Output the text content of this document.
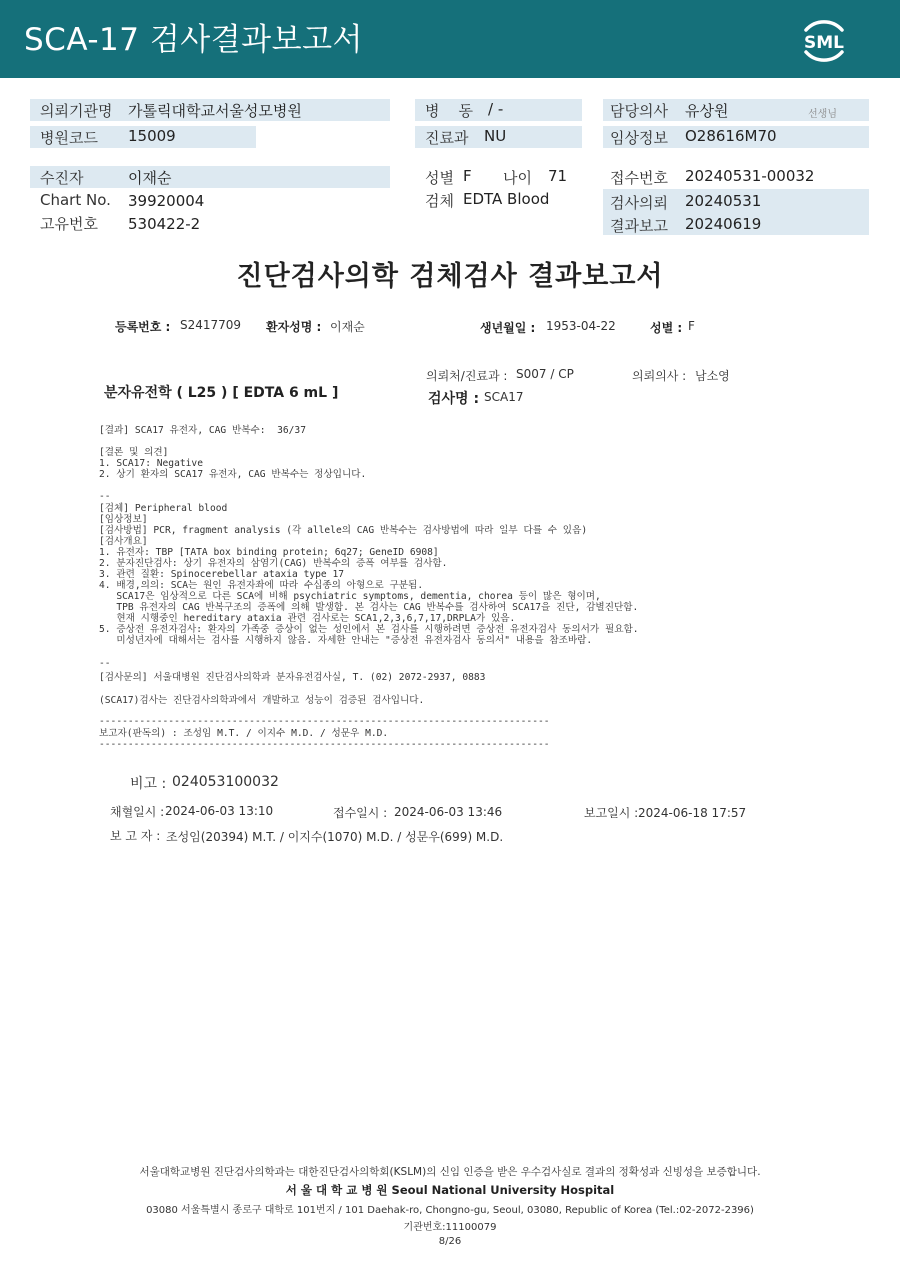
SCA-17 검사결과보고서	SML
의뢰기관명 가톨릭대학교서울성모병원
병원코드 15009
수진자	이재순
Chart No. 39920004
고유번호 530422-2
병    동 / -
진료과 NU
성별 F 나이 71
검체 EDTA Blood
담당의사 유상원	선생님
임상정보 O28616M70
접수번호 20240531-00032
검사의뢰 20240531
결과보고 20240619
진단검사의학 검체검사 결과보고서
등록번호 : S2417709 환자성명 : 이재순	생년월일 : 1953-04-22	성별 : F
의뢰처/진료과 : S007 / CP	의뢰의사 : 남소영
분자유전학 ( L25 ) [ EDTA 6 mL ]	검사명 : SCA17
[결과] SCA17 유전자, CAG 반복수:  36/37
[결론 및 의견]
1. SCA17: Negative
2. 상기 환자의 SCA17 유전자, CAG 반복수는 정상입니다.
--
[검체] Peripheral blood
[임상정보]
[검사방법] PCR, fragment analysis (각 allele의 CAG 반복수는 검사방법에 따라 일부 다를 수 있음)
[검사개요]
1. 유전자: TBP [TATA box binding protein; 6q27; GeneID 6908]
2. 분자진단검사: 상기 유전자의 삼염기(CAG) 반복수의 증폭 여부를 검사함.
3. 관련 질환: Spinocerebellar ataxia type 17
4. 배경,의의: SCA는 원인 유전자좌에 따라 수십종의 아형으로 구분됨.
SCA17은 임상적으로 다른 SCA에 비해 psychiatric symptoms, dementia, chorea 등이 많은 형이며,
TPB 유전자의 CAG 반복구조의 증폭에 의해 발생함. 본 검사는 CAG 반복수를 검사하여 SCA17을 진단, 감별진단함.
현재 시행중인 hereditary ataxia 관련 검사로는 SCA1,2,3,6,7,17,DRPLA가 있음.
5. 증상전 유전자검사: 환자의 가족중 증상이 없는 성인에서 본 검사를 시행하려면 증상전 유전자검사 동의서가 필요함.
미성년자에 대해서는 검사를 시행하지 않음. 자세한 안내는 "증상전 유전자검사 동의서" 내용을 참조바람.
--
[검사문의] 서울대병원 진단검사의학과 분자유전검사실, T. (02) 2072-2937, 0883
(SCA17)검사는 진단검사의학과에서 개발하고 성능이 검증된 검사입니다.
------------------------------------------------------------------------------
보고자(판독의) : 조성임 M.T. / 이지수 M.D. / 성문우 M.D.
------------------------------------------------------------------------------
비고 : 024053100032
채혈일시 : 2024-06-03 13:10	접수일시 : 2024-06-03 13:46	보고일시 : 2024-06-18 17:57
보 고 자 : 조성임(20394) M.T. / 이지수(1070) M.D. / 성문우(699) M.D.
서울대학교병원 진단검사의학과는 대한진단검사의학회(KSLM)의 신임 인증을 받은 우수검사실로 결과의 정확성과 신빙성을 보증합니다.
서 울 대 학 교 병 원 Seoul National University Hospital
03080 서울특별시 종로구 대학로 101번지 / 101 Daehak-ro, Chongno-gu, Seoul, 03080, Republic of Korea (Tel.:02-2072-2396)
기관번호:11100079
8/26
